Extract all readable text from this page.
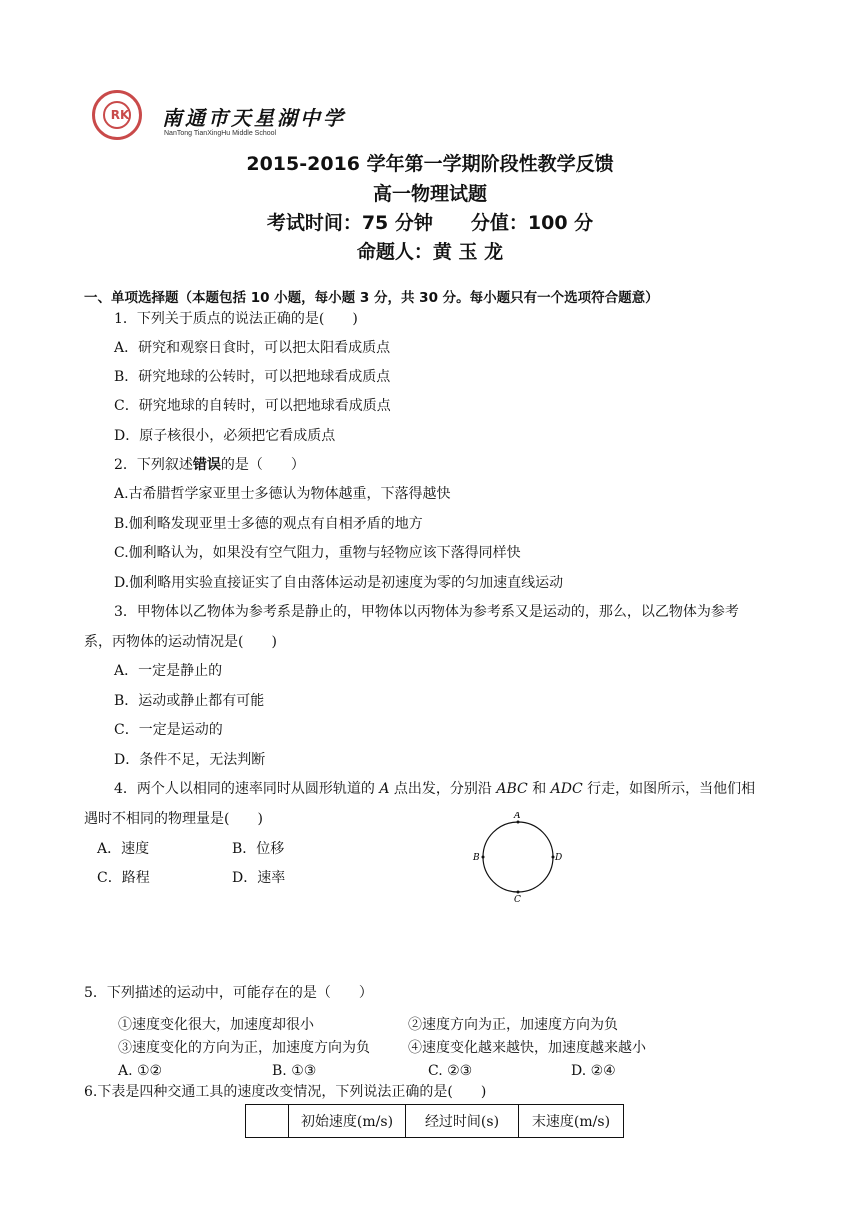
RK	南通市天星湖中学
NanTong TianXingHu Middle School
2015-2016 学年第一学期阶段性教学反馈
高一物理试题
考试时间：75 分钟　　分值：100 分
命题人：黄 玉 龙
一、单项选择题（本题包括 10 小题，每小题 3 分，共 30 分。每小题只有一个选项符合题意）
1．下列关于质点的说法正确的是(　　)
A．研究和观察日食时，可以把太阳看成质点
B．研究地球的公转时，可以把地球看成质点
C．研究地球的自转时，可以把地球看成质点
D．原子核很小，必须把它看成质点
2．下列叙述错误的是（　　）
A.古希腊哲学家亚里士多德认为物体越重，下落得越快
B.伽利略发现亚里士多德的观点有自相矛盾的地方
C.伽利略认为，如果没有空气阻力，重物与轻物应该下落得同样快
D.伽利略用实验直接证实了自由落体运动是初速度为零的匀加速直线运动
3．甲物体以乙物体为参考系是静止的，甲物体以丙物体为参考系又是运动的，那么，以乙物体为参考
系，丙物体的运动情况是(　　)
A．一定是静止的
B．运动或静止都有可能
C．一定是运动的
D．条件不足，无法判断
4．两个人以相同的速率同时从圆形轨道的 A 点出发，分别沿 ABC 和 ADC 行走，如图所示，当他们相
遇时不相同的物理量是(　　)
A．速度	B．位移
C．路程	D．速率
A
B
C
D
5．下列描述的运动中，可能存在的是（　　）
①速度变化很大，加速度却很小	②速度方向为正，加速度方向为负
③速度变化的方向为正，加速度方向为负	④速度变化越来越快，加速度越来越小
A. ①②	B. ①③	C. ②③	D. ②④
6.下表是四种交通工具的速度改变情况，下列说法正确的是(　　)
	初始速度(m/s)	经过时间(s)	末速度(m/s)
